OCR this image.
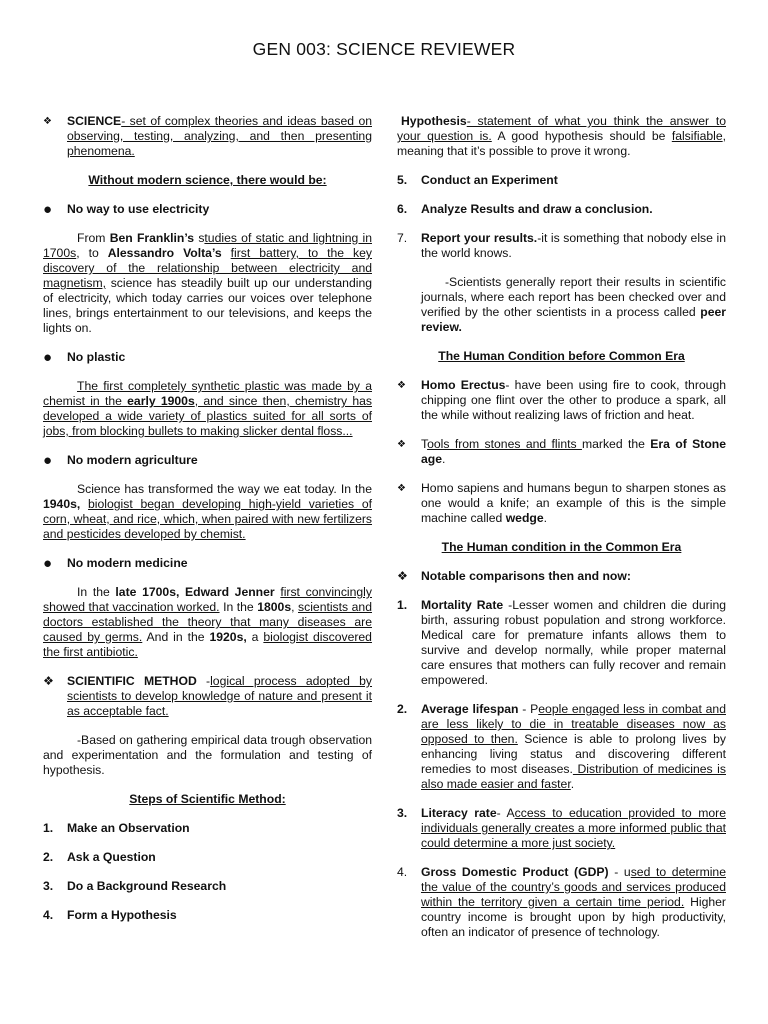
GEN 003: SCIENCE REVIEWER
❖	SCIENCE- set of complex theories and ideas based on observing, testing, analyzing, and then presenting phenomena.
Without modern science, there would be:
●	No way to use electricity
From Ben Franklin’s studies of static and lightning in 1700s, to Alessandro Volta’s first battery, to the key discovery of the relationship between electricity and magnetism, science has steadily built up our understanding of electricity, which today carries our voices over telephone lines, brings entertainment to our televisions, and keeps the lights on.
●	No plastic
The first completely synthetic plastic was made by a chemist in the early 1900s, and since then, chemistry has developed a wide variety of plastics suited for all sorts of jobs, from blocking bullets to making slicker dental floss...
●	No modern agriculture
Science has transformed the way we eat today. In the 1940s, biologist began developing high-yield varieties of corn, wheat, and rice, which, when paired with new fertilizers and pesticides developed by chemist.
●	No modern medicine
In the late 1700s, Edward Jenner first convincingly showed that vaccination worked. In the 1800s, scientists and doctors established the theory that many diseases are caused by germs. And in the 1920s, a biologist discovered the first antibiotic.
❖	SCIENTIFIC METHOD -logical process adopted by scientists to develop knowledge of nature and present it as acceptable fact.
-Based on gathering empirical data trough observation and experimentation and the formulation and testing of hypothesis.
Steps of Scientific Method:
1.	Make an Observation
2.	Ask a Question
3.	Do a Background Research
4.	Form a Hypothesis
Hypothesis- statement of what you think the answer to your question is. A good hypothesis should be falsifiable, meaning that it’s possible to prove it wrong.
5.	Conduct an Experiment
6.	Analyze Results and draw a conclusion.
7.	Report your results.-it is something that nobody else in the world knows.
-Scientists generally report their results in scientific journals, where each report has been checked over and verified by the other scientists in a process called peer review.
The Human Condition before Common Era
❖	Homo Erectus- have been using fire to cook, through chipping one flint over the other to produce a spark, all the while without realizing laws of friction and heat.
❖	Tools from stones and flints marked the Era of Stone age.
❖	Homo sapiens and humans begun to sharpen stones as one would a knife; an example of this is the simple machine called wedge.
The Human condition in the Common Era
❖	Notable comparisons then and now:
1.	Mortality Rate -Lesser women and children die during birth, assuring robust population and strong workforce. Medical care for premature infants allows them to survive and develop normally, while proper maternal care ensures that mothers can fully recover and remain empowered.
2.	Average lifespan - People engaged less in combat and are less likely to die in treatable diseases now as opposed to then. Science is able to prolong lives by enhancing living status and discovering different remedies to most diseases. Distribution of medicines is also made easier and faster.
3.	Literacy rate- Access to education provided to more individuals generally creates a more informed public that could determine a more just society.
4.	Gross Domestic Product (GDP) - used to determine the value of the country’s goods and services produced within the territory given a certain time period. Higher country income is brought upon by high productivity, often an indicator of presence of technology.
